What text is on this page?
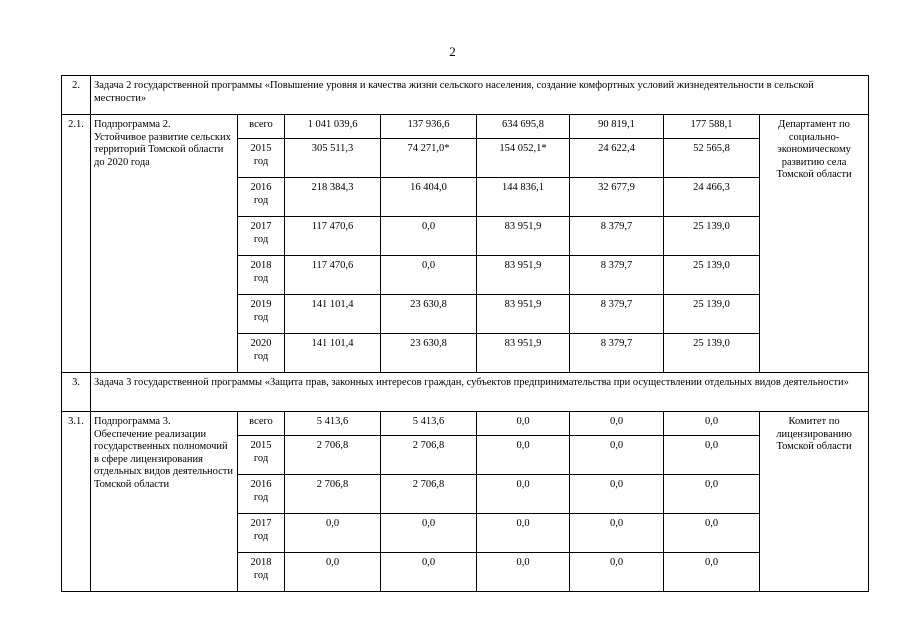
2
2.	Задача 2 государственной программы «Повышение уровня и качества жизни сельского населения, создание комфортных условий жизнедеятельности в сельской местности»							
2.1.	Подпрограмма 2.
Устойчивое развитие сельских территорий Томской области
до 2020 года	всего	1 041 039,6	137 936,6	634 695,8	90 819,1	177 588,1	Департамент по социально-экономическому развитию села Томской области
		2015
год	305 511,3	74 271,0*	154 052,1*	24 622,4	52 565,8	
		2016
год	218 384,3	16 404,0	144 836,1	32 677,9	24 466,3	
		2017
год	117 470,6	0,0	83 951,9	8 379,7	25 139,0	
		2018
год	117 470,6	0,0	83 951,9	8 379,7	25 139,0	
		2019
год	141 101,4	23 630,8	83 951,9	8 379,7	25 139,0	
		2020
год	141 101,4	23 630,8	83 951,9	8 379,7	25 139,0	
3.	Задача 3 государственной программы «Защита прав, законных интересов граждан, субъектов предпринимательства при осуществлении отдельных видов деятельности»							
3.1.	Подпрограмма 3.
Обеспечение реализации государственных полномочий
в сфере лицензирования отдельных видов деятельности Томской области	всего	5 413,6	5 413,6	0,0	0,0	0,0	Комитет по лицензированию Томской области
		2015
год	2 706,8	2 706,8	0,0	0,0	0,0	
		2016
год	2 706,8	2 706,8	0,0	0,0	0,0	
		2017
год	0,0	0,0	0,0	0,0	0,0	
		2018
год	0,0	0,0	0,0	0,0	0,0	
